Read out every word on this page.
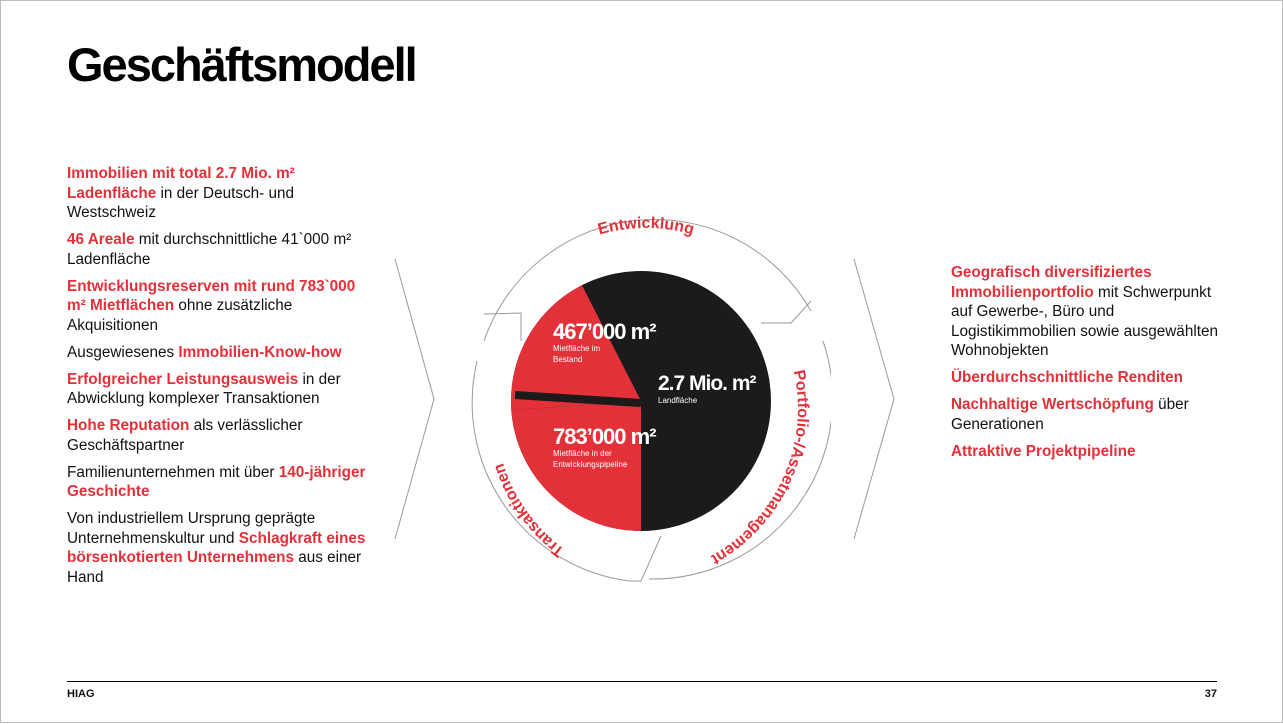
Geschäftsmodell

Immobilien mit total 2.7 Mio. m² Ladenfläche in der Deutsch- und Westschweiz

46 Areale mit durchschnittliche 41`000 m² Ladenfläche

Entwicklungsreserven mit rund 783`000 m² Mietflächen ohne zusätzliche Akquisitionen

Ausgewiesenes Immobilien-Know-how

Erfolgreicher Leistungsausweis in der Abwicklung komplexer Transaktionen

Hohe Reputation als verlässlicher Geschäftspartner

Familienunternehmen mit über 140-jähriger Geschichte

Von industriellem Ursprung geprägte Unternehmenskultur und Schlagkraft eines börsenkotierten Unternehmens aus einer Hand

Geografisch diversifiziertes Immobilienportfolio mit Schwerpunkt auf Gewerbe-, Büro und Logistikimmobilien sowie ausgewählten Wohnobjekten

Überdurchschnittliche Renditen

Nachhaltige Wertschöpfung über Generationen

Attraktive Projektpipeline

Entwicklung
Portfolio-/Assetmanagement
Transaktionen
467’000 m²
Mietfläche im
Bestand
2.7 Mio. m²
Landfläche
783’000 m²
Mietfläche in der
Entwicklungspipeline
HIAG	37
